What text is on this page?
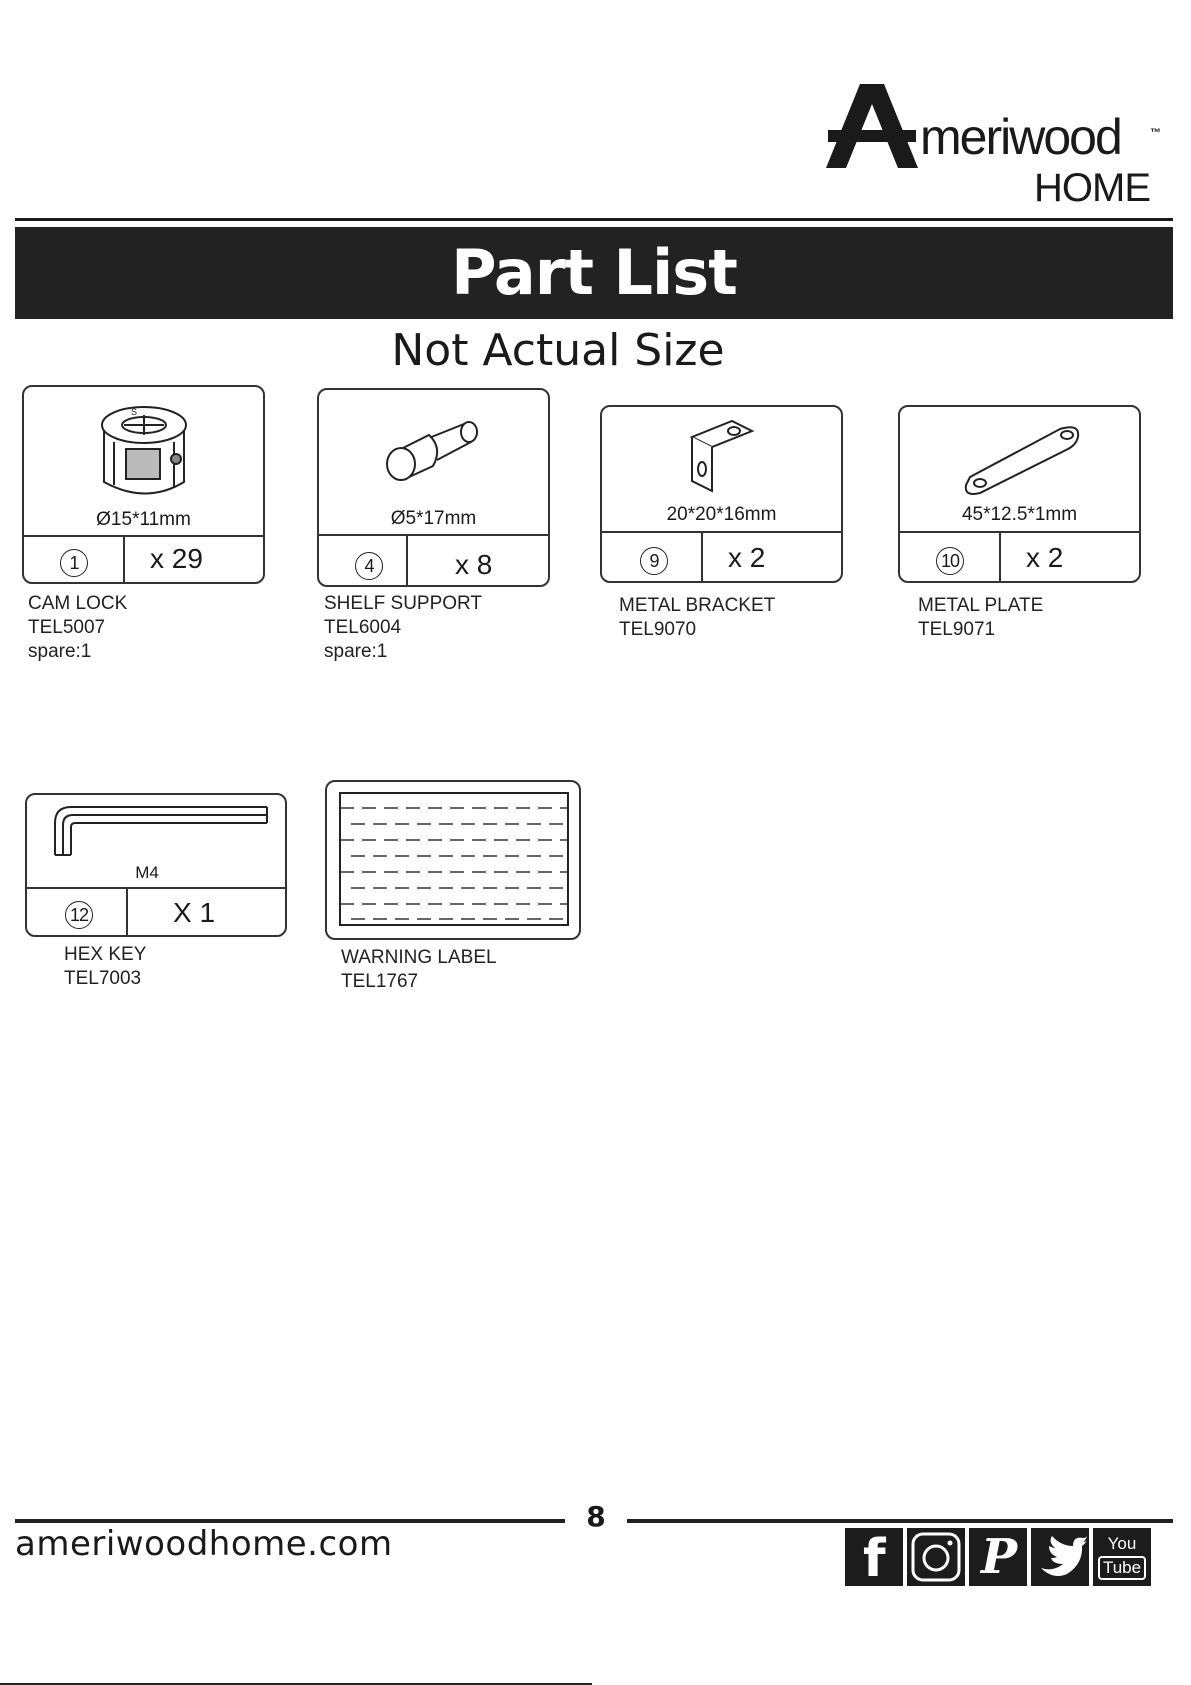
meriwood	™
HOME
Part List
Not Actual Size
S
Ø15*11mm
1	x 29
CAM LOCK
TEL5007
spare:1
Ø5*17mm
4	x 8
SHELF SUPPORT
TEL6004
spare:1
20*20*16mm
9	x 2
METAL BRACKET
TEL9070
45*12.5*1mm
10 x 2
METAL PLATE
TEL9071
M4
12	X 1
HEX KEY
TEL7003
WARNING LABEL
TEL1767
8
ameriwoodhome.com	f P	You
Tube
